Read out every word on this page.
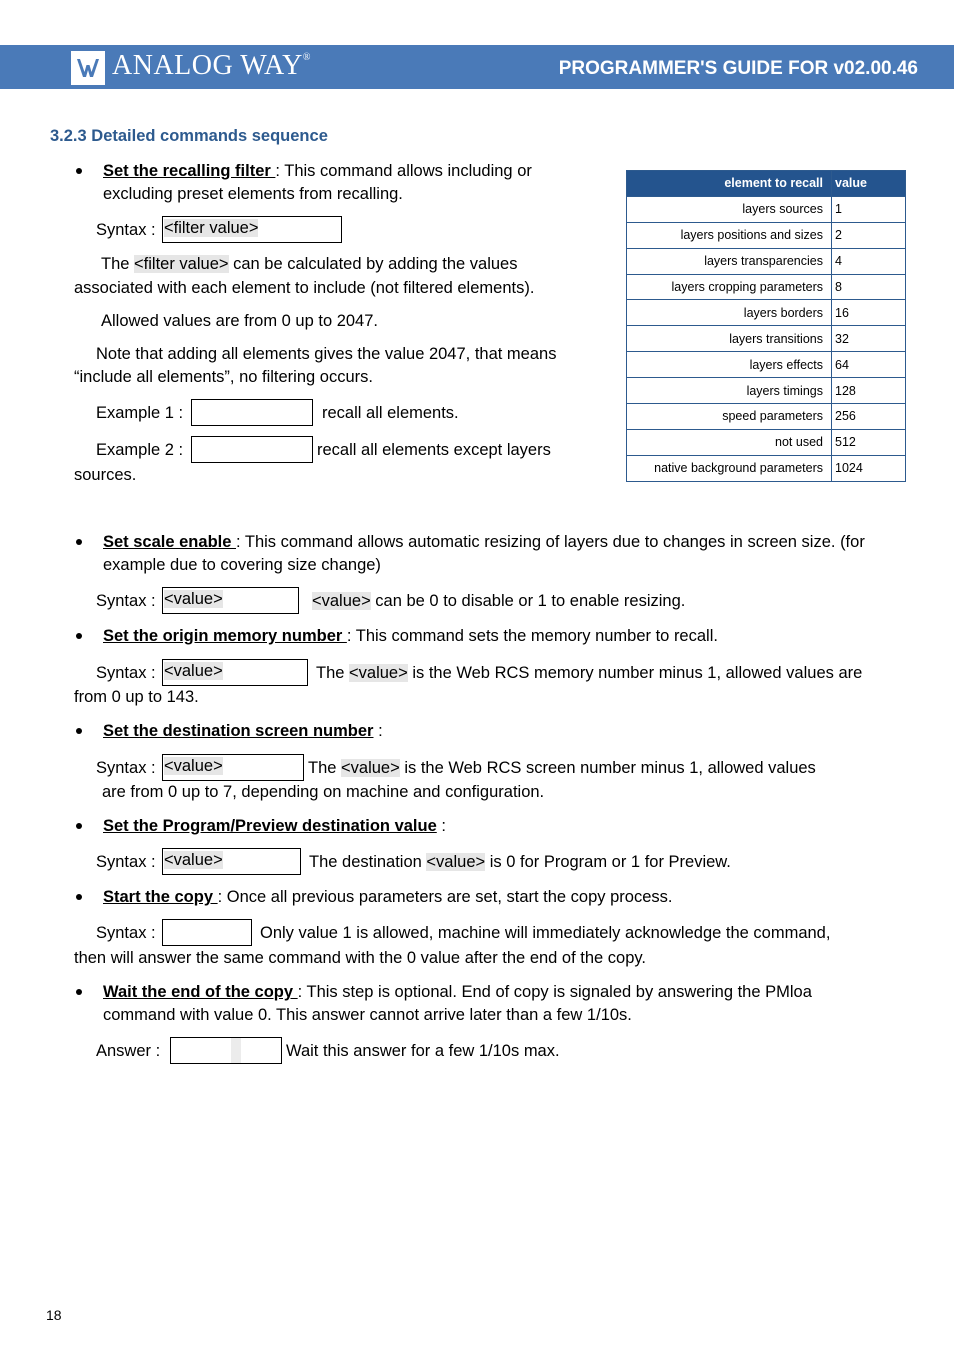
ANALOG WAY®
PROGRAMMER'S GUIDE FOR v02.00.46
3.2.3 Detailed commands sequence
Set the recalling filter : This command allows including or
excluding preset elements from recalling.
Syntax : <filter value>
The <filter value> can be calculated by adding the values
associated with each element to include (not filtered elements).
Allowed values are from 0 up to 2047.
Note that adding all elements gives the value 2047, that means
“include all elements”, no filtering occurs.
Example 1 :	recall all elements.
Example 2 :	recall all elements except layers
sources.
element to recall	value
layers sources	1
layers positions and sizes	2
layers transparencies	4
layers cropping parameters	8
layers borders	16
layers transitions	32
layers effects	64
layers timings	128
speed parameters	256
not used	512
native background parameters	1024
Set scale enable : This command allows automatic resizing of layers due to changes in screen size. (for
example due to covering size change)
Syntax : <value>	<value> can be 0 to disable or 1 to enable resizing.
Set the origin memory number : This command sets the memory number to recall.
Syntax : <value>	The <value> is the Web RCS memory number minus 1, allowed values are
from 0 up to 143.
Set the destination screen number :
Syntax : <value>	The <value> is the Web RCS screen number minus 1, allowed values
are from 0 up to 7, depending on machine and configuration.
Set the Program/Preview destination value :
Syntax : <value>	The destination <value> is 0 for Program or 1 for Preview.
Start the copy : Once all previous parameters are set, start the copy process.
Syntax :	Only value 1 is allowed, machine will immediately acknowledge the command,
then will answer the same command with the 0 value after the end of the copy.
Wait the end of the copy : This step is optional. End of copy is signaled by answering the PMloa
command with value 0. This answer cannot arrive later than a few 1/10s.
Answer :	Wait this answer for a few 1/10s max.
18
